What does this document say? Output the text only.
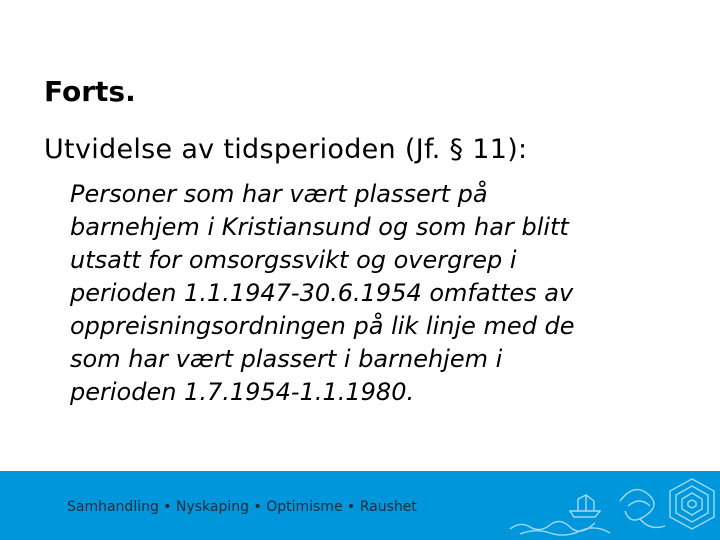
Forts.
Utvidelse av tidsperioden (Jf. § 11):
Personer som har vært plassert på
barnehjem i Kristiansund og som har blitt
utsatt for omsorgssvikt og overgrep i
perioden 1.1.1947-30.6.1954 omfattes av
oppreisningsordningen på lik linje med de
som har vært plassert i barnehjem i
perioden 1.7.1954-1.1.1980.
Samhandling • Nyskaping • Optimisme • Raushet
